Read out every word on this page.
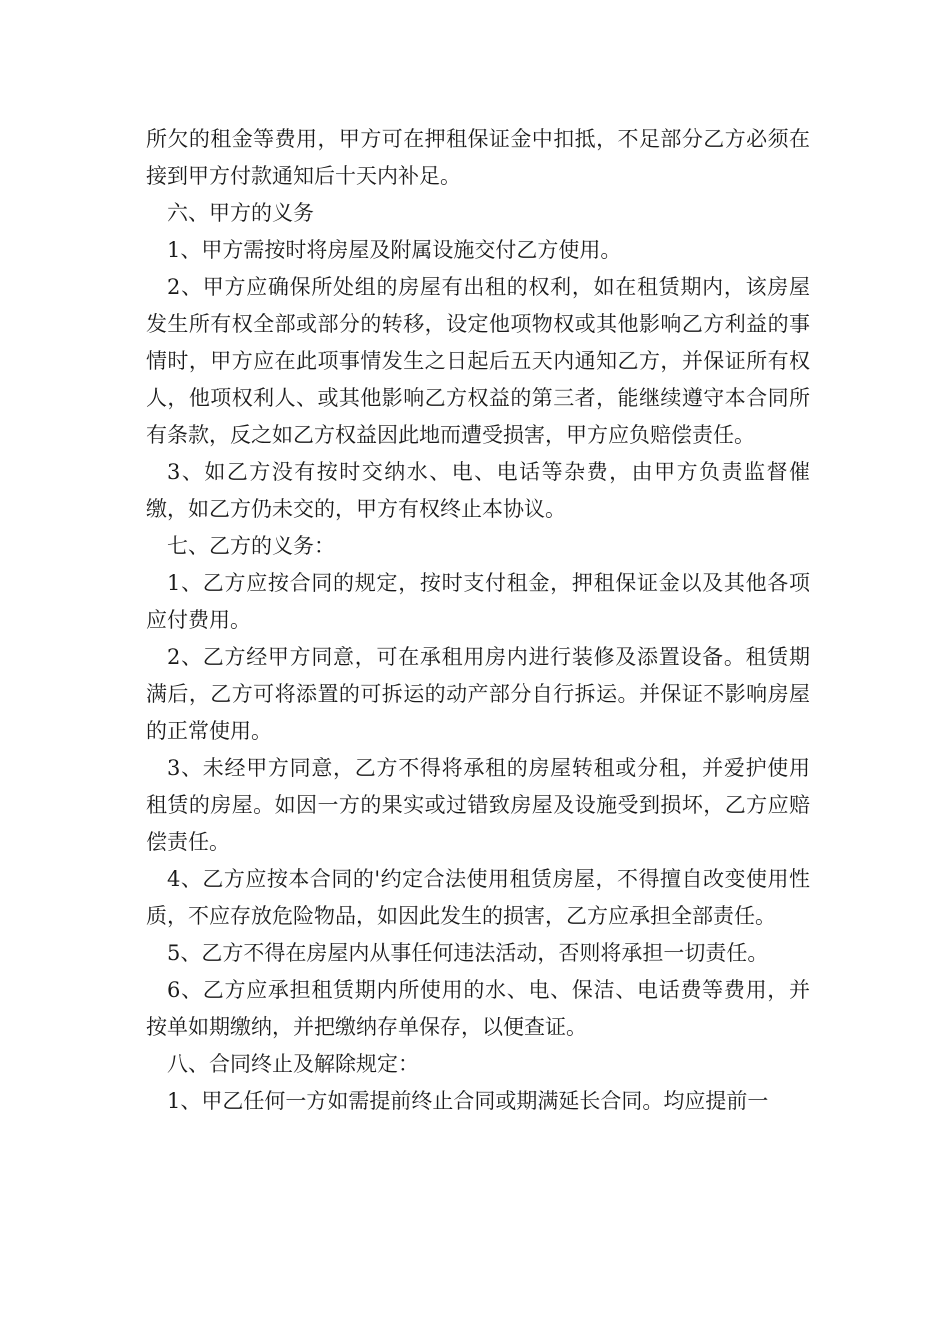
所欠的租金等费用，甲方可在押租保证金中扣抵，不足部分乙方必须在接到甲方付款通知后十天内补足。

六、甲方的义务

1、甲方需按时将房屋及附属设施交付乙方使用。

2、甲方应确保所处组的房屋有出租的权利，如在租赁期内，该房屋发生所有权全部或部分的转移，设定他项物权或其他影响乙方利益的事情时，甲方应在此项事情发生之日起后五天内通知乙方，并保证所有权人，他项权利人、或其他影响乙方权益的第三者，能继续遵守本合同所有条款，反之如乙方权益因此地而遭受损害，甲方应负赔偿责任。

3、如乙方没有按时交纳水、电、电话等杂费，由甲方负责监督催缴，如乙方仍未交的，甲方有权终止本协议。

七、乙方的义务：

1、乙方应按合同的规定，按时支付租金，押租保证金以及其他各项应付费用。

2、乙方经甲方同意，可在承租用房内进行装修及添置设备。租赁期满后，乙方可将添置的可拆运的动产部分自行拆运。并保证不影响房屋的正常使用。

3、未经甲方同意，乙方不得将承租的房屋转租或分租，并爱护使用租赁的房屋。如因一方的果实或过错致房屋及设施受到损坏，乙方应赔偿责任。

4、乙方应按本合同的'约定合法使用租赁房屋，不得擅自改变使用性质，不应存放危险物品，如因此发生的损害，乙方应承担全部责任。

5、乙方不得在房屋内从事任何违法活动，否则将承担一切责任。

6、乙方应承担租赁期内所使用的水、电、保洁、电话费等费用，并按单如期缴纳，并把缴纳存单保存，以便查证。

八、合同终止及解除规定：

1、甲乙任何一方如需提前终止合同或期满延长合同。均应提前一
